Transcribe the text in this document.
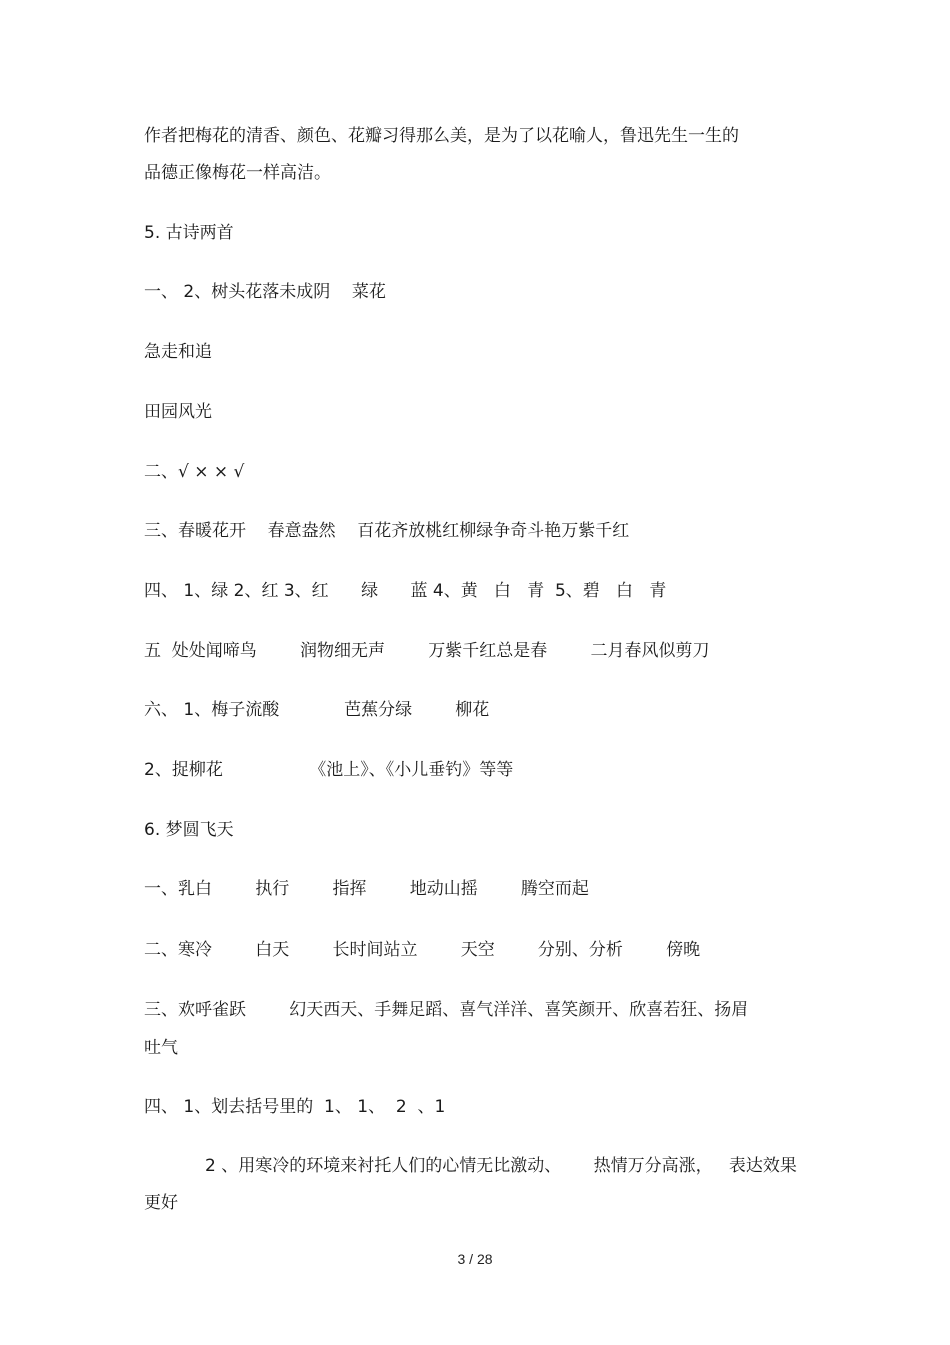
作者把梅花的清香、颜色、花瓣习得那么美，是为了以花喻人，鲁迅先生一生的
品德正像梅花一样高洁。
5. 古诗两首
一、 2、树头花落未成阴    菜花
急走和追
田园风光
二、√ × × √
三、春暖花开    春意盎然    百花齐放桃红柳绿争奇斗艳万紫千红
四、 1、绿 2、红 3、红      绿      蓝 4、黄   白   青  5、碧   白   青
五  处处闻啼鸟        润物细无声        万紫千红总是春        二月春风似剪刀
六、 1、梅子流酸            芭蕉分绿        柳花
2、捉柳花                《池上》、《小儿垂钓》等等
6. 梦圆飞天
一、乳白        执行        指挥        地动山摇        腾空而起
二、寒冷        白天        长时间站立        天空        分别、分析        傍晚
三、欢呼雀跃        幻天西天、手舞足蹈、喜气洋洋、喜笑颜开、欣喜若狂、扬眉
吐气
四、 1、划去括号里的  1、 1、  2  、1
2 、用寒冷的环境来衬托人们的心情无比激动、      热情万分高涨，   表达效果
更好
3 / 28
